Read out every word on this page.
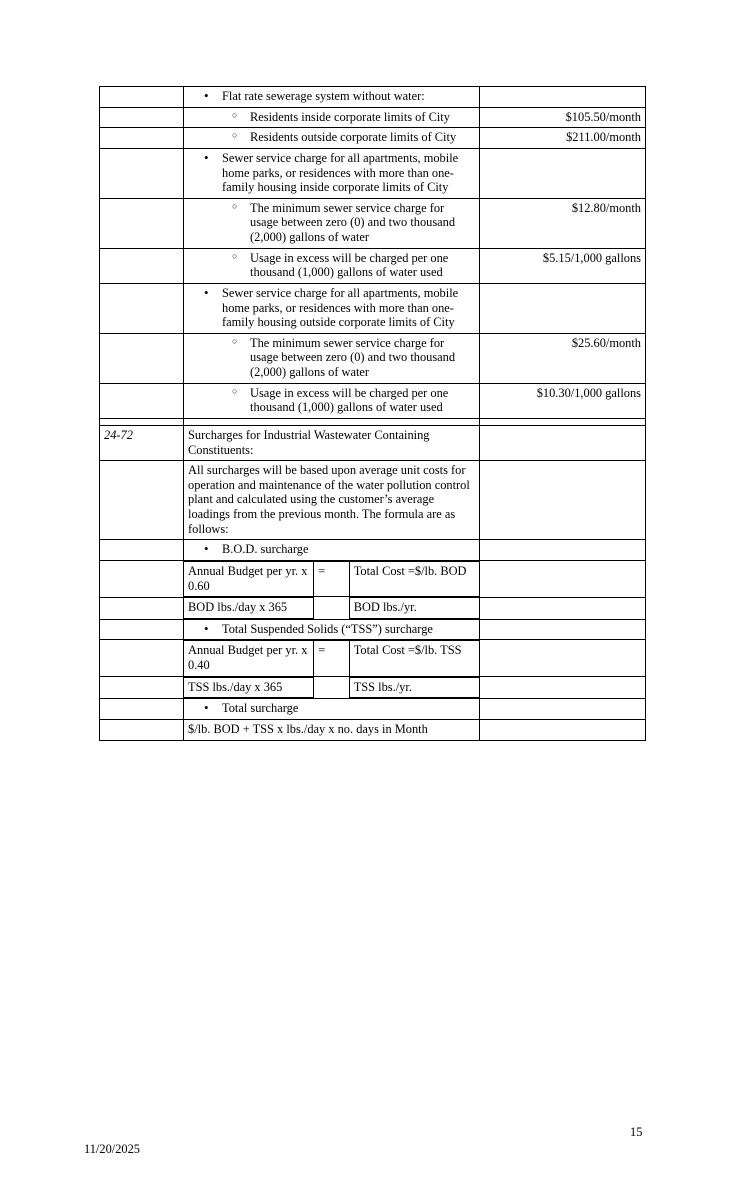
• Flat rate sewerage system without water:

○ Residents inside corporate limits of City	$105.50/month

○ Residents outside corporate limits of City	$211.00/month

• Sewer service charge for all apartments, mobile home parks, or residences with more than one-family housing inside corporate limits of City

○ The minimum sewer service charge for usage between zero (0) and two thousand (2,000) gallons of water
	$12.80/month

○ Usage in excess will be charged per one thousand (1,000) gallons of water used
	$5.15/1,000 gallons

• Sewer service charge for all apartments, mobile home parks, or residences with more than one-family housing outside corporate limits of City

○ The minimum sewer service charge for usage between zero (0) and two thousand (2,000) gallons of water
	$25.60/month

○ Usage in excess will be charged per one thousand (1,000) gallons of water used
	$10.30/1,000 gallons

24-72	Surcharges for Industrial Wastewater Containing Constituents:

All surcharges will be based upon average unit costs for operation and maintenance of the water pollution control plant and calculated using the customer’s average loadings from the previous month. The formula are as follows:

• B.O.D. surcharge

Annual Budget per yr. x 0.60	=	Total Cost =$/lb. BOD

BOD lbs./day x 365		BOD lbs./yr.

• Total Suspended Solids (“TSS”) surcharge

Annual Budget per yr. x 0.40	=	Total Cost =$/lb. TSS

TSS lbs./day x 365		TSS lbs./yr.

• Total surcharge

$/lb. BOD + TSS x lbs./day x no. days in Month

15
11/20/2025
